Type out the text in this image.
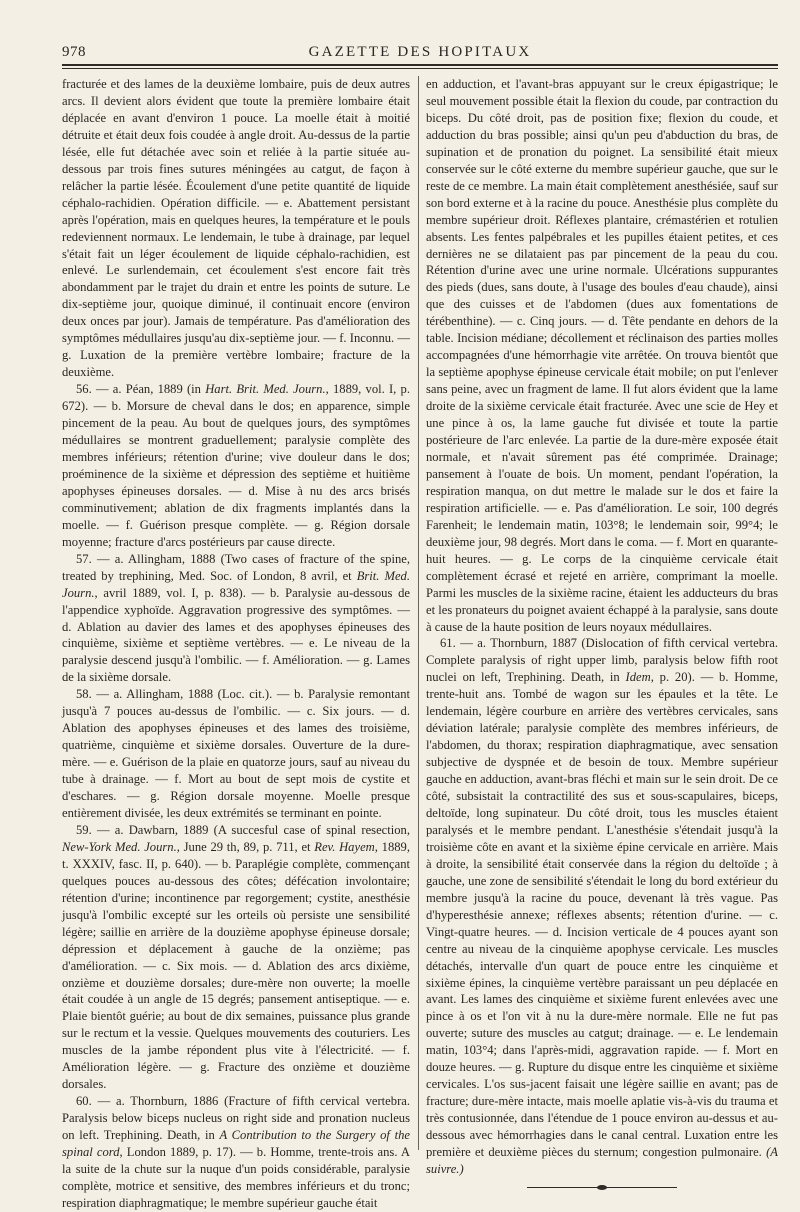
978	GAZETTE DES HOPITAUX

fracturée et des lames de la deuxième lombaire, puis de deux autres arcs. Il devient alors évident que toute la première lombaire était déplacée en avant d'environ 1 pouce. La moelle était à moitié détruite et était deux fois coudée à angle droit. Au-dessus de la partie lésée, elle fut détachée avec soin et reliée à la partie située au-dessous par trois fines sutures méningées au catgut, de façon à relâcher la partie lésée. Écoulement d'une petite quantité de liquide céphalo-rachidien. Opération difficile. — e. Abattement persistant après l'opération, mais en quelques heures, la température et le pouls redeviennent normaux. Le lendemain, le tube à drainage, par lequel s'était fait un léger écoulement de liquide céphalo-rachidien, est enlevé. Le surlendemain, cet écoulement s'est encore fait très abondamment par le trajet du drain et entre les points de suture. Le dix-septième jour, quoique diminué, il continuait encore (environ deux onces par jour). Jamais de température. Pas d'amélioration des symptômes médullaires jusqu'au dix-septième jour. — f. Inconnu. — g. Luxation de la première vertèbre lombaire; fracture de la deuxième.

56. — a. Péan, 1889 (in Hart. Brit. Med. Journ., 1889, vol. I, p. 672). — b. Morsure de cheval dans le dos; en apparence, simple pincement de la peau. Au bout de quelques jours, des symptômes médullaires se montrent graduellement; paralysie complète des membres inférieurs; rétention d'urine; vive douleur dans le dos; proéminence de la sixième et dépression des septième et huitième apophyses épineuses dorsales. — d. Mise à nu des arcs brisés comminutivement; ablation de dix fragments implantés dans la moelle. — f. Guérison presque complète. — g. Région dorsale moyenne; fracture d'arcs postérieurs par cause directe.

57. — a. Allingham, 1888 (Two cases of fracture of the spine, treated by trephining, Med. Soc. of London, 8 avril, et Brit. Med. Journ., avril 1889, vol. I, p. 838). — b. Paralysie au-dessous de l'appendice xyphoïde. Aggravation progressive des symptômes. — d. Ablation au davier des lames et des apophyses épineuses des cinquième, sixième et septième vertèbres. — e. Le niveau de la paralysie descend jusqu'à l'ombilic. — f. Amélioration. — g. Lames de la sixième dorsale.

58. — a. Allingham, 1888 (Loc. cit.). — b. Paralysie remontant jusqu'à 7 pouces au-dessus de l'ombilic. — c. Six jours. — d. Ablation des apophyses épineuses et des lames des troisième, quatrième, cinquième et sixième dorsales. Ouverture de la dure-mère. — e. Guérison de la plaie en quatorze jours, sauf au niveau du tube à drainage. — f. Mort au bout de sept mois de cystite et d'eschares. — g. Région dorsale moyenne. Moelle presque entièrement divisée, les deux extrémités se terminant en pointe.

59. — a. Dawbarn, 1889 (A succesful case of spinal resection, New-York Med. Journ., June 29 th, 89, p. 711, et Rev. Hayem, 1889, t. XXXIV, fasc. II, p. 640). — b. Paraplégie complète, commençant quelques pouces au-dessous des côtes; défécation involontaire; rétention d'urine; incontinence par regorgement; cystite, anesthésie jusqu'à l'ombilic excepté sur les orteils où persiste une sensibilité légère; saillie en arrière de la douzième apophyse épineuse dorsale; dépression et déplacement à gauche de la onzième; pas d'amélioration. — c. Six mois. — d. Ablation des arcs dixième, onzième et douzième dorsales; dure-mère non ouverte; la moelle était coudée à un angle de 15 degrés; pansement antiseptique. — e. Plaie bientôt guérie; au bout de dix semaines, puissance plus grande sur le rectum et la vessie. Quelques mouvements des couturiers. Les muscles de la jambe répondent plus vite à l'électricité. — f. Amélioration légère. — g. Fracture des onzième et douzième dorsales.

60. — a. Thornburn, 1886 (Fracture of fifth cervical vertebra. Paralysis below biceps nucleus on right side and pronation nucleus on left. Trephining. Death, in A Contribution to the Surgery of the spinal cord, London 1889, p. 17). — b. Homme, trente-trois ans. A la suite de la chute sur la nuque d'un poids considérable, paralysie complète, motrice et sensitive, des membres inférieurs et du tronc; respiration diaphragmatique; le membre supérieur gauche était

en adduction, et l'avant-bras appuyant sur le creux épigastrique; le seul mouvement possible était la flexion du coude, par contraction du biceps. Du côté droit, pas de position fixe; flexion du coude, et adduction du bras possible; ainsi qu'un peu d'abduction du bras, de supination et de pronation du poignet. La sensibilité était mieux conservée sur le côté externe du membre supérieur gauche, que sur le reste de ce membre. La main était complètement anesthésiée, sauf sur son bord externe et à la racine du pouce. Anesthésie plus complète du membre supérieur droit. Réflexes plantaire, crémastérien et rotulien absents. Les fentes palpébrales et les pupilles étaient petites, et ces dernières ne se dilataient pas par pincement de la peau du cou. Rétention d'urine avec une urine normale. Ulcérations suppurantes des pieds (dues, sans doute, à l'usage des boules d'eau chaude), ainsi que des cuisses et de l'abdomen (dues aux fomentations de térébenthine). — c. Cinq jours. — d. Tête pendante en dehors de la table. Incision médiane; décollement et réclinaison des parties molles accompagnées d'une hémorrhagie vite arrêtée. On trouva bientôt que la septième apophyse épineuse cervicale était mobile; on put l'enlever sans peine, avec un fragment de lame. Il fut alors évident que la lame droite de la sixième cervicale était fracturée. Avec une scie de Hey et une pince à os, la lame gauche fut divisée et toute la partie postérieure de l'arc enlevée. La partie de la dure-mère exposée était normale, et n'avait sûrement pas été comprimée. Drainage; pansement à l'ouate de bois. Un moment, pendant l'opération, la respiration manqua, on dut mettre le malade sur le dos et faire la respiration artificielle. — e. Pas d'amélioration. Le soir, 100 degrés Farenheit; le lendemain matin, 103°8; le lendemain soir, 99°4; le deuxième jour, 98 degrés. Mort dans le coma. — f. Mort en quarante-huit heures. — g. Le corps de la cinquième cervicale était complètement écrasé et rejeté en arrière, comprimant la moelle. Parmi les muscles de la sixième racine, étaient les adducteurs du bras et les pronateurs du poignet avaient échappé à la paralysie, sans doute à cause de la haute position de leurs noyaux médullaires.

61. — a. Thornburn, 1887 (Dislocation of fifth cervical vertebra. Complete paralysis of right upper limb, paralysis below fifth root nuclei on left, Trephining. Death, in Idem, p. 20). — b. Homme, trente-huit ans. Tombé de wagon sur les épaules et la tête. Le lendemain, légère courbure en arrière des vertèbres cervicales, sans déviation latérale; paralysie complète des membres inférieurs, de l'abdomen, du thorax; respiration diaphragmatique, avec sensation subjective de dyspnée et de besoin de toux. Membre supérieur gauche en adduction, avant-bras fléchi et main sur le sein droit. De ce côté, subsistait la contractilité des sus et sous-scapulaires, biceps, deltoïde, long supinateur. Du côté droit, tous les muscles étaient paralysés et le membre pendant. L'anesthésie s'étendait jusqu'à la troisième côte en avant et la sixième épine cervicale en arrière. Mais à droite, la sensibilité était conservée dans la région du deltoïde ; à gauche, une zone de sensibilité s'étendait le long du bord extérieur du membre jusqu'à la racine du pouce, devenant là très vague. Pas d'hyperesthésie annexe; réflexes absents; rétention d'urine. — c. Vingt-quatre heures. — d. Incision verticale de 4 pouces ayant son centre au niveau de la cinquième apophyse cervicale. Les muscles détachés, intervalle d'un quart de pouce entre les cinquième et sixième épines, la cinquième vertèbre paraissant un peu déplacée en avant. Les lames des cinquième et sixième furent enlevées avec une pince à os et l'on vit à nu la dure-mère normale. Elle ne fut pas ouverte; suture des muscles au catgut; drainage. — e. Le lendemain matin, 103°4; dans l'après-midi, aggravation rapide. — f. Mort en douze heures. — g. Rupture du disque entre les cinquième et sixième cervicales. L'os sus-jacent faisait une légère saillie en avant; pas de fracture; dure-mère intacte, mais moelle aplatie vis-à-vis du trauma et très contusionnée, dans l'étendue de 1 pouce environ au-dessus et au-dessous avec hémorrhagies dans le canal central. Luxation entre les première et deuxième pièces du sternum; congestion pulmonaire. (A suivre.)
